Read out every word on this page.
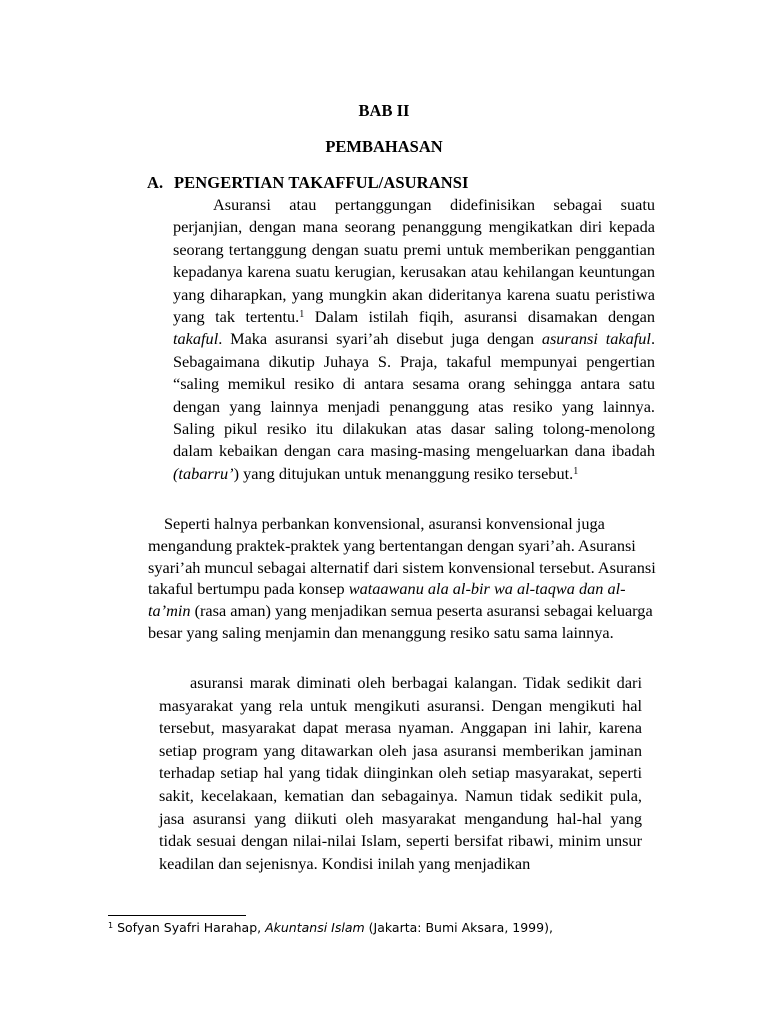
BAB II
PEMBAHASAN
A. PENGERTIAN TAKAFFUL/ASURANSI

Asuransi atau pertanggungan didefinisikan sebagai suatu perjanjian, dengan mana seorang penanggung mengikatkan diri kepada seorang tertanggung dengan suatu premi untuk memberikan penggantian kepadanya karena suatu kerugian, kerusakan atau kehilangan keuntungan yang diharapkan, yang mungkin akan dideritanya karena suatu peristiwa yang tak tertentu.$^1$ Dalam istilah fiqih, asuransi disamakan dengan takaful. Maka asuransi syari’ah disebut juga dengan asuransi takaful. Sebagaimana dikutip Juhaya S. Praja, takaful mempunyai pengertian “saling memikul resiko di antara sesama orang sehingga antara satu dengan yang lainnya menjadi penanggung atas resiko yang lainnya. Saling pikul resiko itu dilakukan atas dasar saling tolong-menolong dalam kebaikan dengan cara masing-masing mengeluarkan dana ibadah (tabarru’) yang ditujukan untuk menanggung resiko tersebut.$^1$

Seperti halnya perbankan konvensional, asuransi konvensional juga mengandung praktek-praktek yang bertentangan dengan syari’ah. Asuransi syari’ah muncul sebagai alternatif dari sistem konvensional tersebut. Asuransi takaful bertumpu pada konsep wataawanu ala al-bir wa al-taqwa dan al-ta’min (rasa aman) yang menjadikan semua peserta asuransi sebagai keluarga besar yang saling menjamin dan menanggung resiko satu sama lainnya.

asuransi marak diminati oleh berbagai kalangan. Tidak sedikit dari masyarakat yang rela untuk mengikuti asuransi. Dengan mengikuti hal tersebut, masyarakat dapat merasa nyaman. Anggapan ini lahir, karena setiap program yang ditawarkan oleh jasa asuransi memberikan jaminan terhadap setiap hal yang tidak diinginkan oleh setiap masyarakat, seperti sakit, kecelakaan, kematian dan sebagainya. Namun tidak sedikit pula, jasa asuransi yang diikuti oleh masyarakat mengandung hal-hal yang tidak sesuai dengan nilai-nilai Islam, seperti bersifat ribawi, minim unsur keadilan dan sejenisnya. Kondisi inilah yang menjadikan

$^1$ Sofyan Syafri Harahap, Akuntansi Islam (Jakarta: Bumi Aksara, 1999),
